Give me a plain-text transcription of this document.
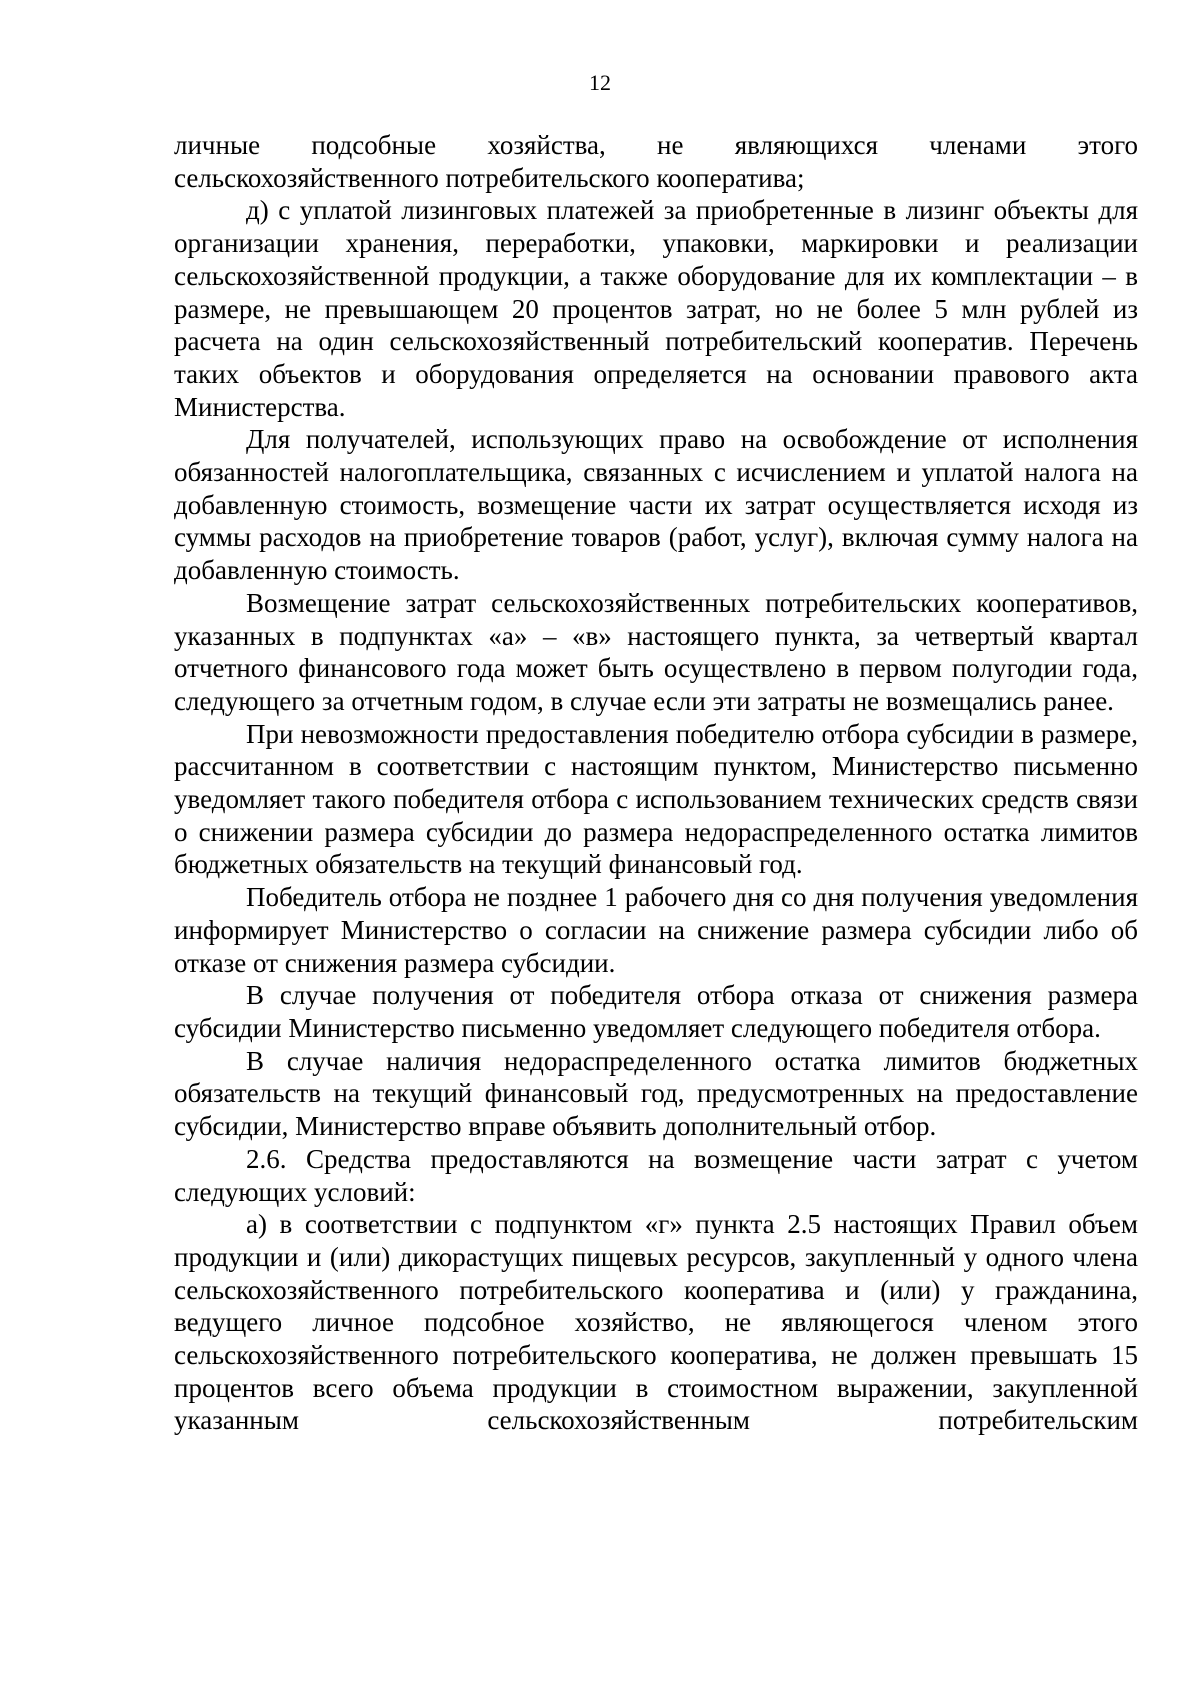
12

личные подсобные хозяйства, не являющихся членами этого сельскохозяйственного потребительского кооператива;

д) с уплатой лизинговых платежей за приобретенные в лизинг объекты для организации хранения, переработки, упаковки, маркировки и реализации сельскохозяйственной продукции, а также оборудование для их комплектации – в размере, не превышающем 20 процентов затрат, но не более 5 млн рублей из расчета на один сельскохозяйственный потребительский кооператив. Перечень таких объектов и оборудования определяется на основании правового акта Министерства.

Для получателей, использующих право на освобождение от исполнения обязанностей налогоплательщика, связанных с исчислением и уплатой налога на добавленную стоимость, возмещение части их затрат осуществляется исходя из суммы расходов на приобретение товаров (работ, услуг), включая сумму налога на добавленную стоимость.

Возмещение затрат сельскохозяйственных потребительских кооперативов, указанных в подпунктах «а» – «в» настоящего пункта, за четвертый квартал отчетного финансового года может быть осуществлено в первом полугодии года, следующего за отчетным годом, в случае если эти затраты не возмещались ранее.

При невозможности предоставления победителю отбора субсидии в размере, рассчитанном в соответствии с настоящим пунктом, Министерство письменно уведомляет такого победителя отбора с использованием технических средств связи о снижении размера субсидии до размера недораспределенного остатка лимитов бюджетных обязательств на текущий финансовый год.

Победитель отбора не позднее 1 рабочего дня со дня получения уведомления информирует Министерство о согласии на снижение размера субсидии либо об отказе от снижения размера субсидии.

В случае получения от победителя отбора отказа от снижения размера субсидии Министерство письменно уведомляет следующего победителя отбора.

В случае наличия недораспределенного остатка лимитов бюджетных обязательств на текущий финансовый год, предусмотренных на предоставление субсидии, Министерство вправе объявить дополнительный отбор.

2.6. Средства предоставляются на возмещение части затрат с учетом следующих условий:

а) в соответствии с подпунктом «г» пункта 2.5 настоящих Правил объем продукции и (или) дикорастущих пищевых ресурсов, закупленный у одного члена сельскохозяйственного потребительского кооператива и (или) у гражданина, ведущего личное подсобное хозяйство, не являющегося членом этого сельскохозяйственного потребительского кооператива, не должен превышать 15 процентов всего объема продукции в стоимостном выражении, закупленной указанным сельскохозяйственным потребительским
